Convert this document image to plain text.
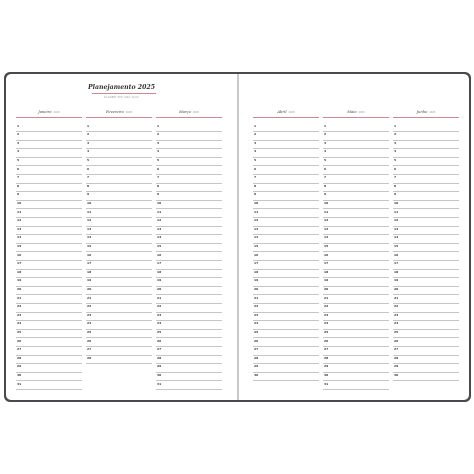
Planejamento 2025
PLANEJE SEU ANO AQUI
Janeiro 2025
1
2
3
4
5
6
7
8
9
10
11
12
13
14
15
16
17
18
19
20
21
22
23
24
25
26
27
28
29
30
31
Fevereiro 2025
1
2
3
4
5
6
7
8
9
10
11
12
13
14
15
16
17
18
19
20
21
22
23
24
25
26
27
28
Março 2025
1
2
3
4
5
6
7
8
9
10
11
12
13
14
15
16
17
18
19
20
21
22
23
24
25
26
27
28
29
30
31
Abril 2025
1
2
3
4
5
6
7
8
9
10
11
12
13
14
15
16
17
18
19
20
21
22
23
24
25
26
27
28
29
30
Maio 2025
1
2
3
4
5
6
7
8
9
10
11
12
13
14
15
16
17
18
19
20
21
22
23
24
25
26
27
28
29
30
31
Junho 2025
1
2
3
4
5
6
7
8
9
10
11
12
13
14
15
16
17
18
19
20
21
22
23
24
25
26
27
28
29
30
